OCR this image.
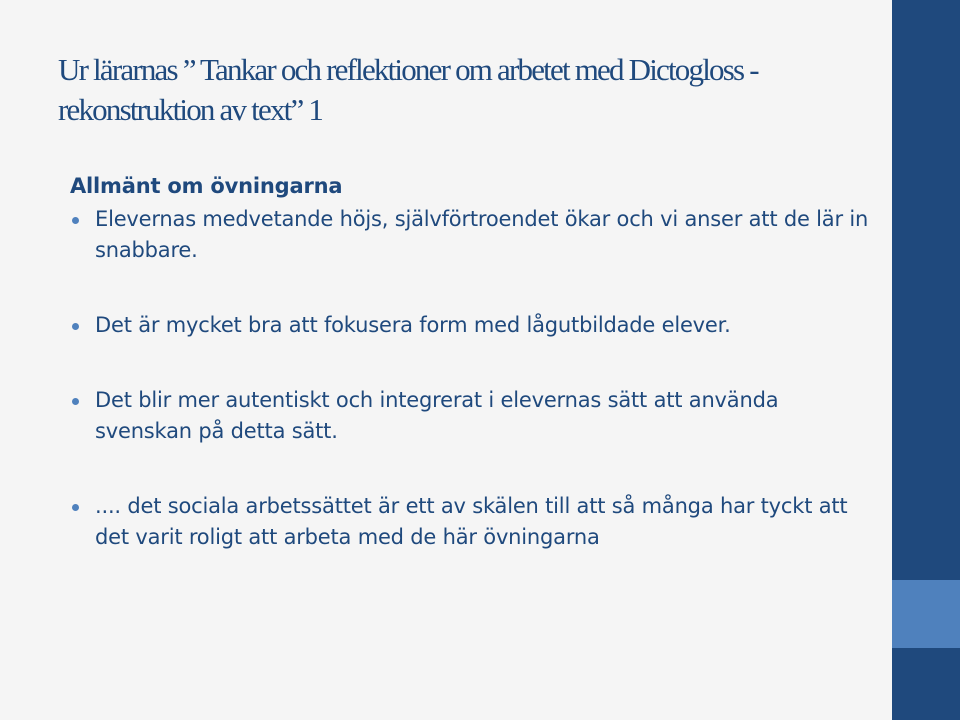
Ur lärarnas ” Tankar och reflektioner om arbetet med Dictogloss - rekonstruktion av text” 1
Allmänt om övningarna
Elevernas medvetande höjs, självförtroendet ökar och vi anser att de lär in snabbare.
Det är mycket bra att fokusera form med lågutbildade elever.
Det blir mer autentiskt och integrerat i elevernas sätt att använda svenskan på detta sätt.
.... det sociala arbetssättet är ett av skälen till att så många har tyckt att det varit roligt att arbeta med de här övningarna
